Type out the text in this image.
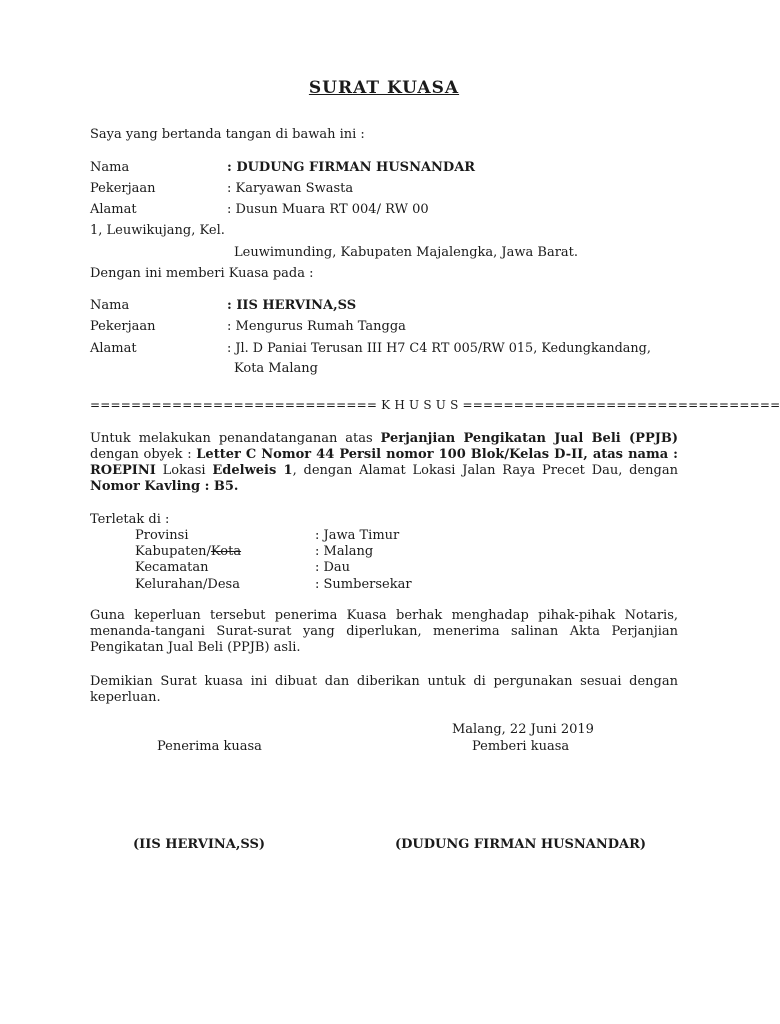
SURAT KUASA
Saya yang bertanda tangan di bawah ini :
Nama	: DUDUNG FIRMAN HUSNANDAR
Pekerjaan	: Karyawan Swasta
Alamat	: Dusun Muara RT 004/ RW 00
1, Leuwikujang, Kel.
Leuwimunding, Kabupaten Majalengka, Jawa Barat.
Dengan ini memberi Kuasa pada :
Nama	: IIS HERVINA,SS
Pekerjaan	: Mengurus Rumah Tangga
Alamat	: Jl. D Paniai Terusan III H7 C4 RT 005/RW 015, Kedungkandang,
Kota Malang
============================ K H U S U S ===============================
Untuk melakukan penandatanganan atas Perjanjian Pengikatan Jual Beli (PPJB) dengan obyek : Letter C Nomor 44 Persil nomor 100 Blok/Kelas D-II, atas nama : ROEPINI Lokasi Edelweis 1, dengan Alamat Lokasi Jalan Raya Precet Dau, dengan Nomor Kavling : B5.
Terletak di :
Provinsi	: Jawa Timur
Kabupaten/Kota	: Malang
Kecamatan	: Dau
Kelurahan/Desa	: Sumbersekar
Guna keperluan tersebut penerima Kuasa berhak menghadap pihak-pihak Notaris, menanda-tangani Surat-surat yang diperlukan, menerima salinan Akta Perjanjian Pengikatan Jual Beli (PPJB) asli.
Demikian Surat kuasa ini dibuat dan diberikan untuk di pergunakan sesuai dengan keperluan.
Malang, 22 Juni 2019
Penerima kuasa	Pemberi kuasa
(IIS HERVINA,SS)	(DUDUNG FIRMAN HUSNANDAR)
